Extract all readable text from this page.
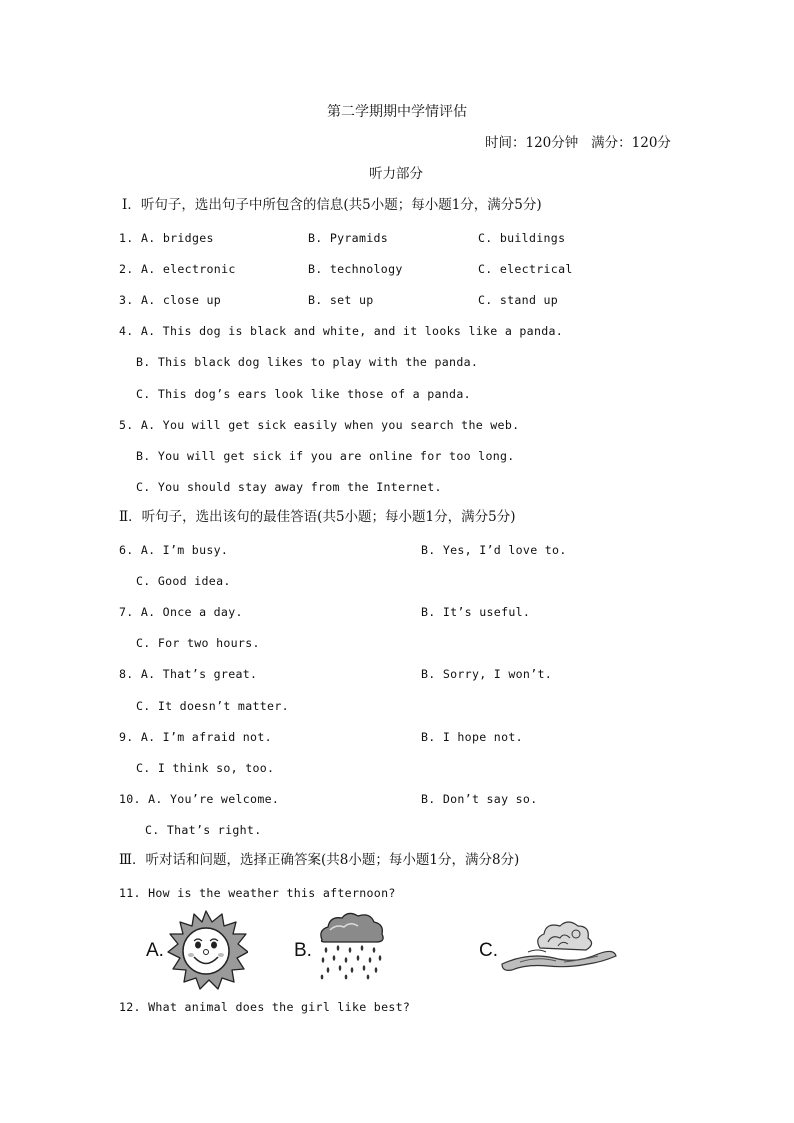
第二学期期中学情评估
时间：120分钟   满分：120分
听力部分
Ⅰ．听句子，选出句子中所包含的信息(共5小题；每小题1分，满分5分)
1. A. bridges	B. Pyramids	C. buildings
2. A. electronic	B. technology	C. electrical
3. A. close up	B. set up	C. stand up
4. A. This dog is black and white, and it looks like a panda.
B. This black dog likes to play with the panda.
C. This dog’s ears look like those of a panda.
5. A. You will get sick easily when you search the web.
B. You will get sick if you are online for too long.
C. You should stay away from the Internet.
Ⅱ．听句子，选出该句的最佳答语(共5小题；每小题1分，满分5分)
6. A. I’m busy.	B. Yes, I’d love to.
C. Good idea.
7. A. Once a day.	B. It’s useful.
C. For two hours.
8. A. That’s great.	B. Sorry, I won’t.
C. It doesn’t matter.
9. A. I’m afraid not.	B. I hope not.
C. I think so, too.
10. A. You’re welcome.	B. Don’t say so.
C. That’s right.
Ⅲ．听对话和问题，选择正确答案(共8小题；每小题1分，满分8分)
11. How is the weather this afternoon?
A.	B.	C.
12. What animal does the girl like best?
